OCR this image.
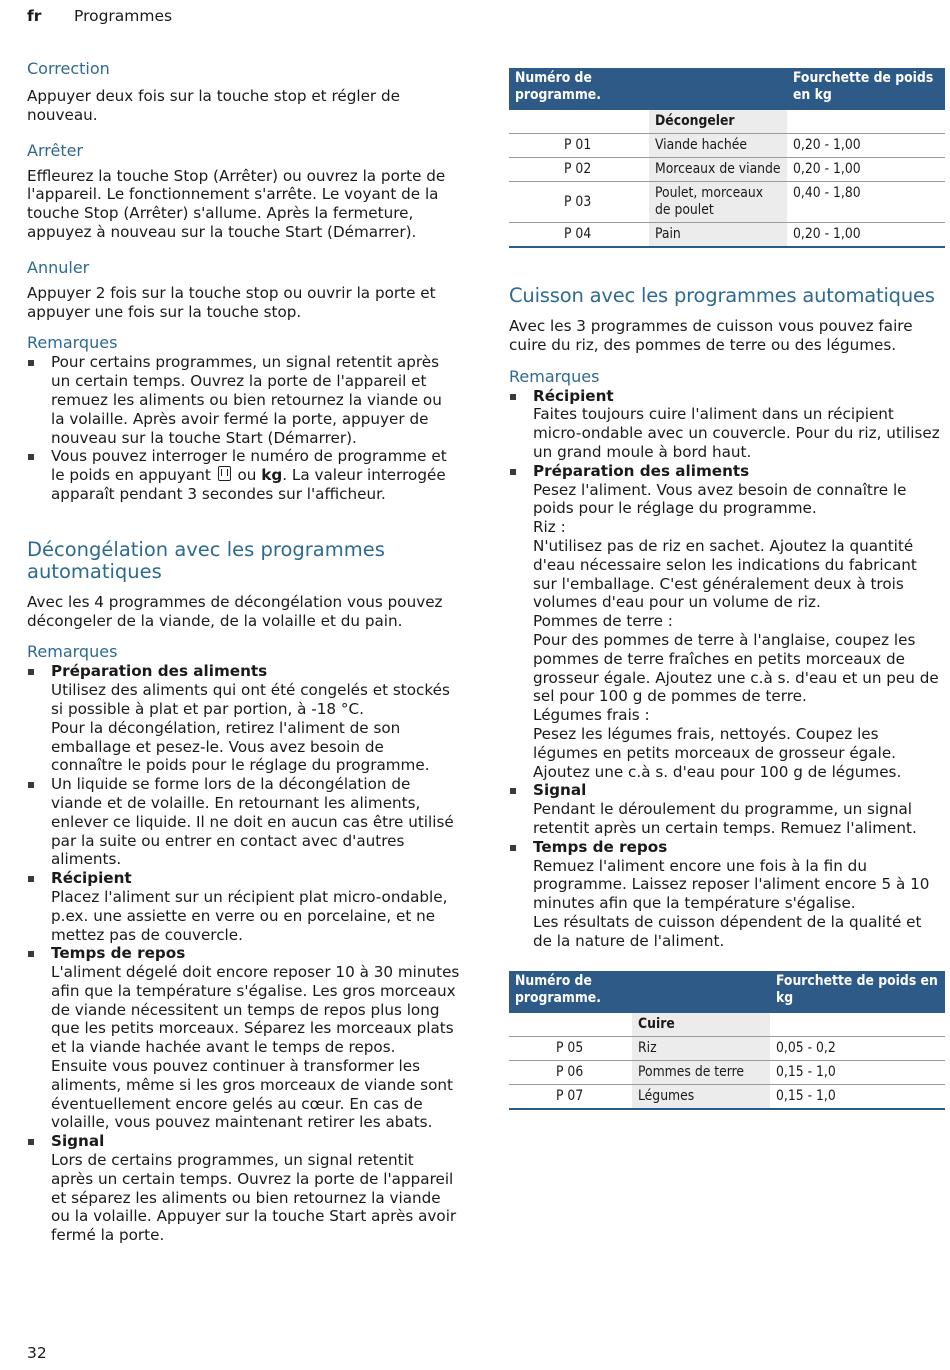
fr Programmes
Correction

Appuyer deux fois sur la touche stop et régler de nouveau.

Arrêter

Effleurez la touche Stop (Arrêter) ou ouvrez la porte de l'appareil. Le fonctionnement s'arrête. Le voyant de la touche Stop (Arrêter) s'allume. Après la fermeture, appuyez à nouveau sur la touche Start (Démarrer).

Annuler

Appuyer 2 fois sur la touche stop ou ouvrir la porte et appuyer une fois sur la touche stop.

Remarques
Pour certains programmes, un signal retentit après un certain temps. Ouvrez la porte de l'appareil et remuez les aliments ou bien retournez la viande ou la volaille. Après avoir fermé la porte, appuyer de nouveau sur la touche Start (Démarrer).
Vous pouvez interroger le numéro de programme et le poids en appuyant ou kg. La valeur interrogée apparaît pendant 3 secondes sur l'afficheur.
Décongélation avec les programmes automatiques

Avec les 4 programmes de décongélation vous pouvez décongeler de la viande, de la volaille et du pain.

Remarques
Préparation des aliments
Utilisez des aliments qui ont été congelés et stockés si possible à plat et par portion, à -18 °C.
Pour la décongélation, retirez l'aliment de son emballage et pesez-le. Vous avez besoin de connaître le poids pour le réglage du programme.
Un liquide se forme lors de la décongélation de viande et de volaille. En retournant les aliments, enlever ce liquide. Il ne doit en aucun cas être utilisé par la suite ou entrer en contact avec d'autres aliments.
Récipient
Placez l'aliment sur un récipient plat micro-ondable, p.ex. une assiette en verre ou en porcelaine, et ne mettez pas de couvercle.
Temps de repos
L'aliment dégelé doit encore reposer 10 à 30 minutes afin que la température s'égalise. Les gros morceaux de viande nécessitent un temps de repos plus long que les petits morceaux. Séparez les morceaux plats et la viande hachée avant le temps de repos.
Ensuite vous pouvez continuer à transformer les aliments, même si les gros morceaux de viande sont éventuellement encore gelés au cœur. En cas de volaille, vous pouvez maintenant retirer les abats.
Signal
Lors de certains programmes, un signal retentit après un certain temps. Ouvrez la porte de l'appareil et séparez les aliments ou bien retournez la viande ou la volaille. Appuyer sur la touche Start après avoir fermé la porte.
Numéro de programme.		Fourchette de poids en kg
	Décongeler	
P 01	Viande hachée	0,20 - 1,00
P 02	Morceaux de viande	0,20 - 1,00
P 03	Poulet, morceaux de poulet	0,40 - 1,80
P 04	Pain	0,20 - 1,00
Cuisson avec les programmes automatiques

Avec les 3 programmes de cuisson vous pouvez faire cuire du riz, des pommes de terre ou des légumes.

Remarques
Récipient
Faites toujours cuire l'aliment dans un récipient micro-ondable avec un couvercle. Pour du riz, utilisez un grand moule à bord haut.
Préparation des aliments
Pesez l'aliment. Vous avez besoin de connaître le poids pour le réglage du programme.
Riz :
N'utilisez pas de riz en sachet. Ajoutez la quantité d'eau nécessaire selon les indications du fabricant sur l'emballage. C'est généralement deux à trois volumes d'eau pour un volume de riz.
Pommes de terre :
Pour des pommes de terre à l'anglaise, coupez les pommes de terre fraîches en petits morceaux de grosseur égale. Ajoutez une c.à s. d'eau et un peu de sel pour 100 g de pommes de terre.
Légumes frais :
Pesez les légumes frais, nettoyés. Coupez les légumes en petits morceaux de grosseur égale. Ajoutez une c.à s. d'eau pour 100 g de légumes.
Signal
Pendant le déroulement du programme, un signal retentit après un certain temps. Remuez l'aliment.
Temps de repos
Remuez l'aliment encore une fois à la fin du programme. Laissez reposer l'aliment encore 5 à 10 minutes afin que la température s'égalise.
Les résultats de cuisson dépendent de la qualité et de la nature de l'aliment.
Numéro de programme.		Fourchette de poids en kg
	Cuire	
P 05	Riz	0,05 - 0,2
P 06	Pommes de terre	0,15 - 1,0
P 07	Légumes	0,15 - 1,0
32
